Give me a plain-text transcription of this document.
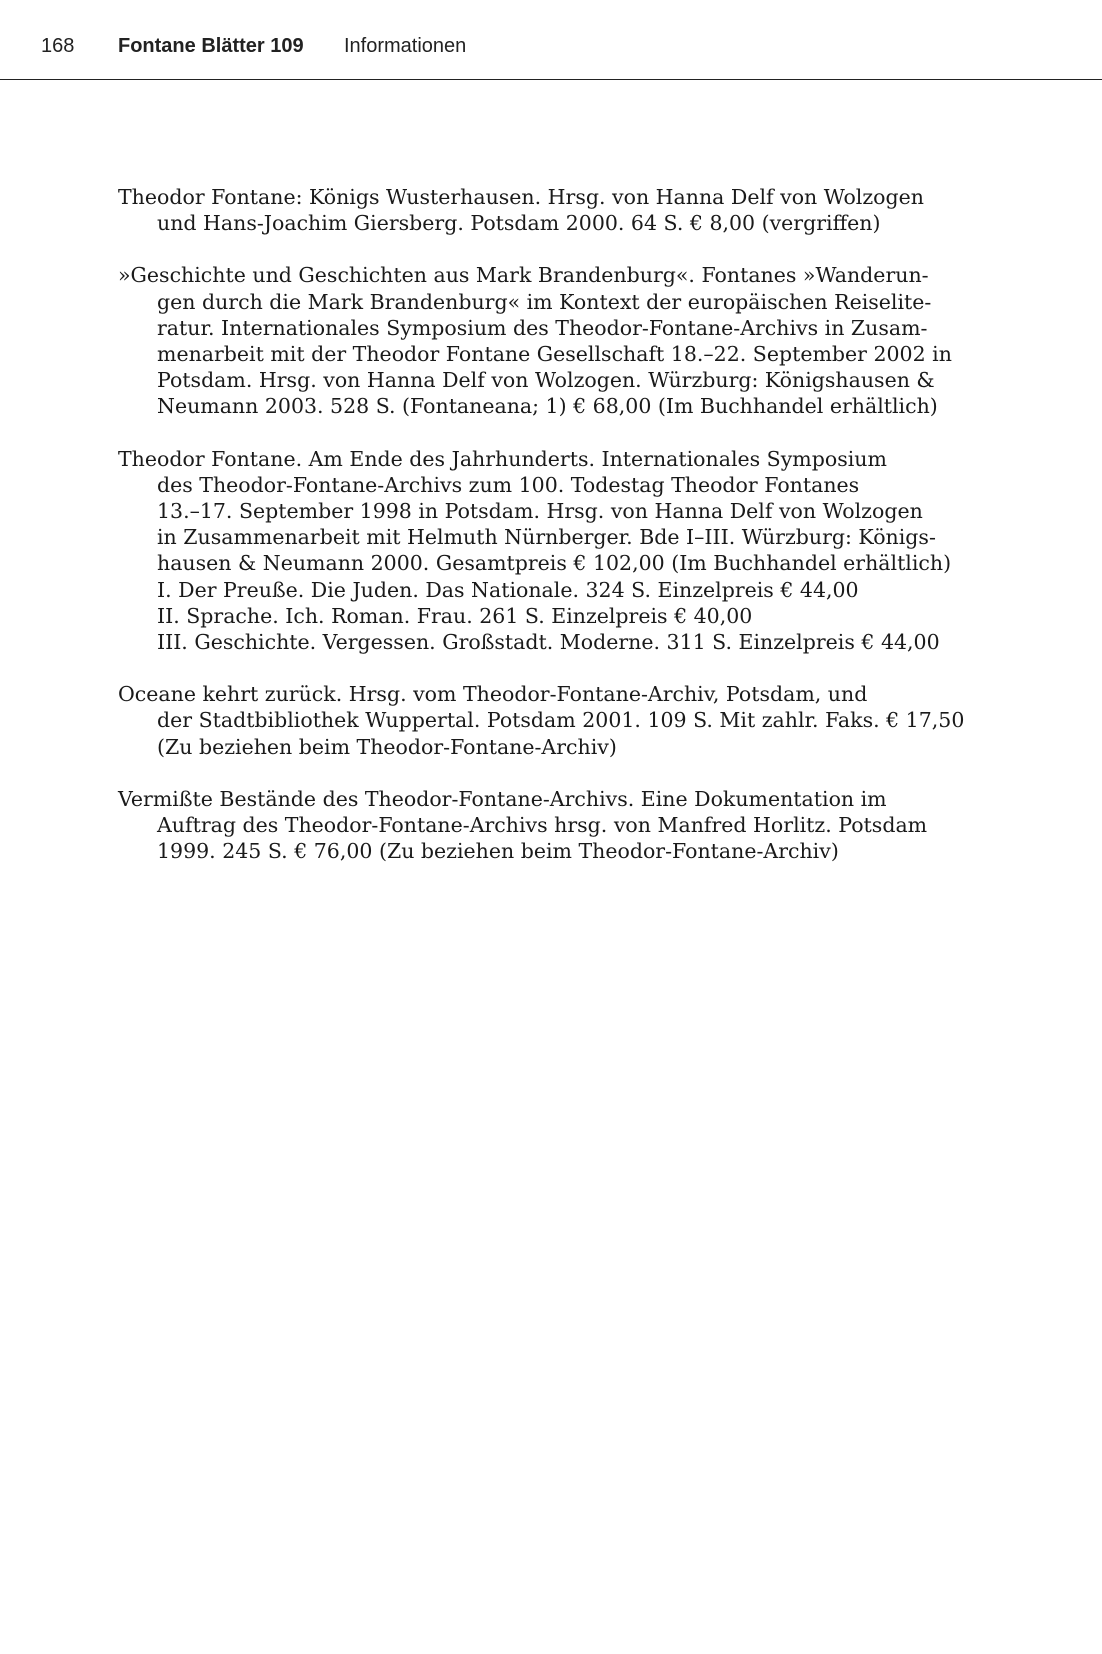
168 Fontane Blätter 109 Informationen
Theodor Fontane: Königs Wusterhausen. Hrsg. von Hanna Delf von Wolzogen
und Hans-Joachim Giersberg. Potsdam 2000. 64 S. € 8,00 (vergriffen)
»Geschichte und Geschichten aus Mark Brandenburg«. Fontanes »Wanderun-
gen durch die Mark Brandenburg« im Kontext der europäischen Reiselite-
ratur. Internationales Symposium des Theodor-Fontane-Archivs in Zusam-
menarbeit mit der Theodor Fontane Gesellschaft 18.–22. September 2002 in
Potsdam. Hrsg. von Hanna Delf von Wolzogen. Würzburg: Königshausen &
Neumann 2003. 528 S. (Fontaneana; 1) € 68,00 (Im Buchhandel erhältlich)
Theodor Fontane. Am Ende des Jahrhunderts. Internationales Symposium
des Theodor-Fontane-Archivs zum 100. Todestag Theodor Fontanes
13.–17. September 1998 in Potsdam. Hrsg. von Hanna Delf von Wolzogen
in Zusammenarbeit mit Helmuth Nürnberger. Bde I–III. Würzburg: Königs-
hausen & Neumann 2000. Gesamtpreis € 102,00 (Im Buchhandel erhältlich)
I. Der Preuße. Die Juden. Das Nationale. 324 S. Einzelpreis € 44,00
II. Sprache. Ich. Roman. Frau. 261 S. Einzelpreis € 40,00
III. Geschichte. Vergessen. Großstadt. Moderne. 311 S. Einzelpreis € 44,00
Oceane kehrt zurück. Hrsg. vom Theodor-Fontane-Archiv, Potsdam, und
der Stadtbibliothek Wuppertal. Potsdam 2001. 109 S. Mit zahlr. Faks. € 17,50
(Zu beziehen beim Theodor-Fontane-Archiv)
Vermißte Bestände des Theodor-Fontane-Archivs. Eine Dokumentation im
Auftrag des Theodor-Fontane-Archivs hrsg. von Manfred Horlitz. Potsdam
1999. 245 S. € 76,00 (Zu beziehen beim Theodor-Fontane-Archiv)
